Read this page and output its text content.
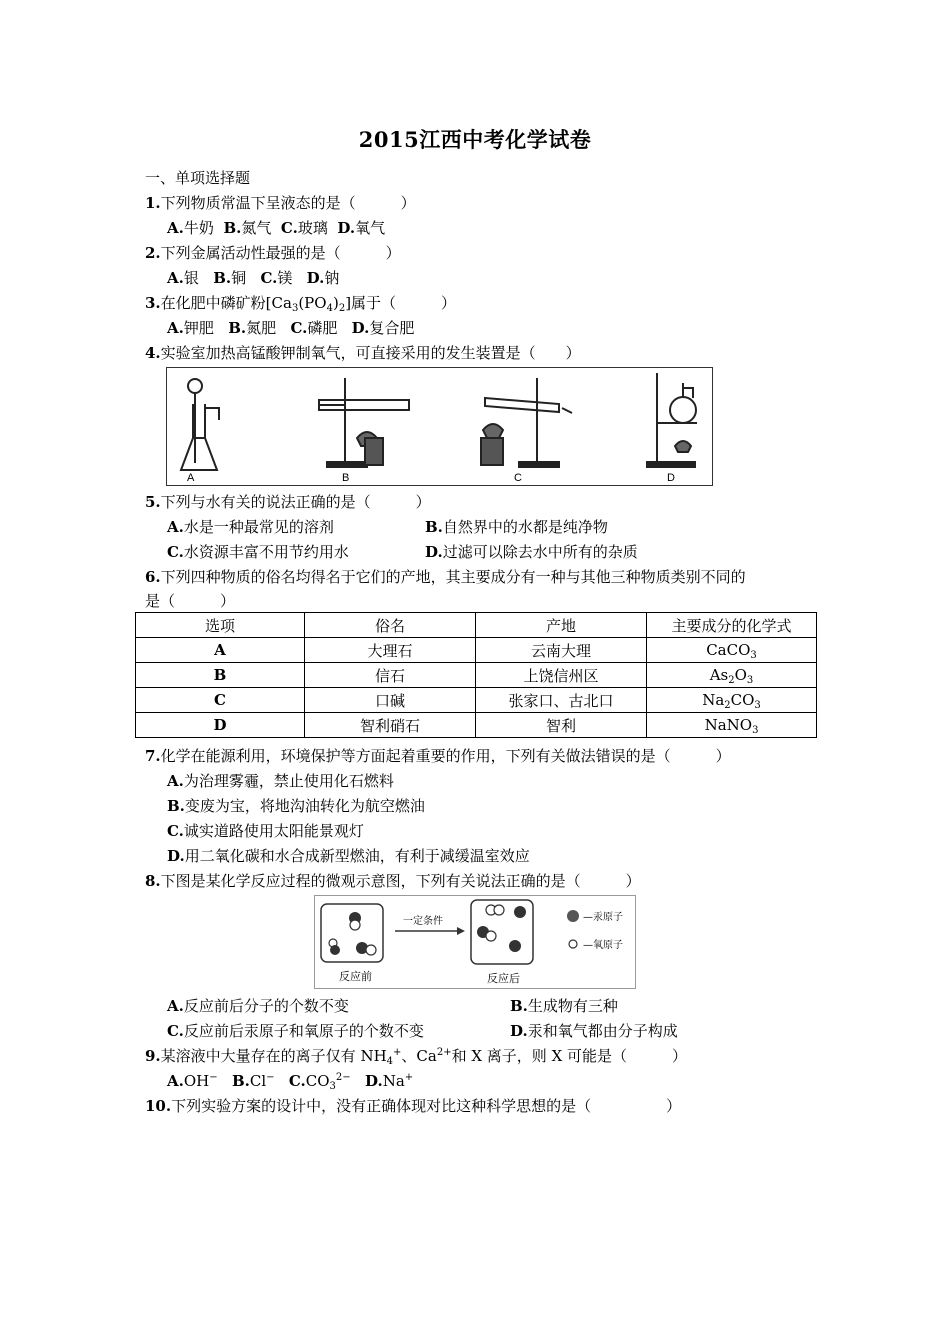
2015江西中考化学试卷
一、单项选择题
1.下列物质常温下呈液态的是（　　　）
A.牛奶 B.氮气 C.玻璃 D.氧气
2.下列金属活动性最强的是（　　　）
A.银 B.铜 C.镁 D.钠
3.在化肥中磷矿粉$[Ca_3(PO_4)_2]$属于（　　　）
A.钾肥 B.氮肥 C.磷肥 D.复合肥
4.实验室加热高锰酸钾制氧气，可直接采用的发生装置是（　　）
A	B	C	D
5.下列与水有关的说法正确的是（　　　）
A.水是一种最常见的溶剂	B.自然界中的水都是纯净物
C.水资源丰富不用节约用水	D.过滤可以除去水中所有的杂质
6.下列四种物质的俗名均得名于它们的产地，其主要成分有一种与其他三种物质类别不同的
是（　　　）
选项	俗名	产地	主要成分的化学式
A	大理石	云南大理	CaCO$_3$
B	信石	上饶信州区	$As_2O_3$
C	口碱	张家口、古北口	$Na_2CO_3$
D	智利硝石	智利	NaNO$_3$
7.化学在能源利用，环境保护等方面起着重要的作用，下列有关做法错误的是（　　　）
A.为治理雾霾，禁止使用化石燃料
B.变废为宝，将地沟油转化为航空燃油
C.诚实道路使用太阳能景观灯
D.用二氧化碳和水合成新型燃油，有利于减缓温室效应
8.下图是某化学反应过程的微观示意图，下列有关说法正确的是（　　　）
反应前
一定条件
反应后
—汞原子
—氧原子
A.反应前后分子的个数不变	B.生成物有三种
C.反应前后汞原子和氧原子的个数不变	D.汞和氧气都由分子构成
9.某溶液中大量存在的离子仅有 $NH_4^+$、$Ca^{2+}$和 X 离子，则 X 可能是（　　　）
A.OH− B.Cl− $C.CO_3^{2-}$ D.Na+
10.下列实验方案的设计中，没有正确体现对比这种科学思想的是（　　　　　）
